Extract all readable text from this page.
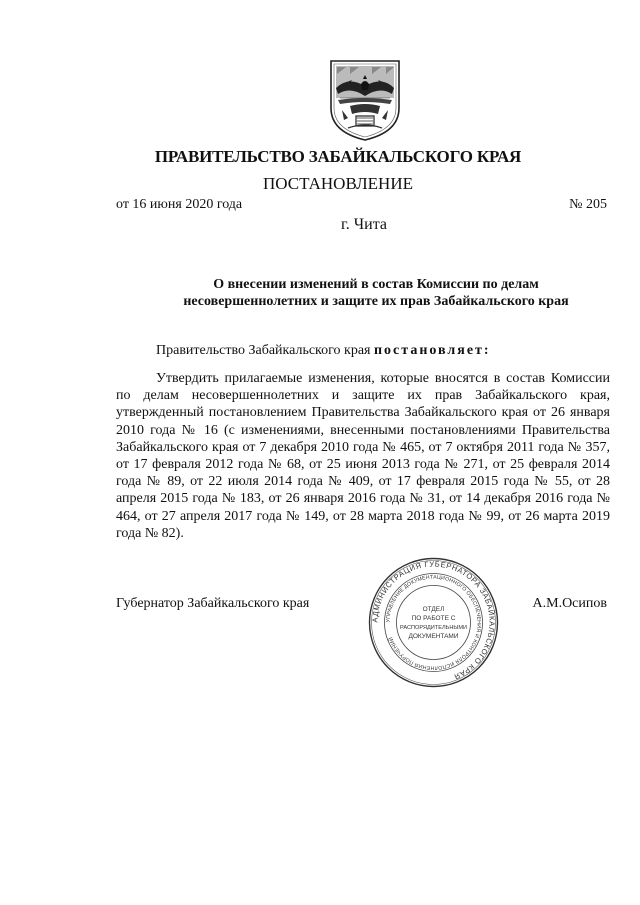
ПРАВИТЕЛЬСТВО ЗАБАЙКАЛЬСКОГО КРАЯ
ПОСТАНОВЛЕНИЕ
от 16 июня 2020 года	№ 205
г. Чита
О внесении изменений в состав Комиссии по делам
несовершеннолетних и защите их прав Забайкальского края
Правительство Забайкальского края постановляет:
Утвердить прилагаемые изменения, которые вносятся в состав Комиссии по делам несовершеннолетних и защите их прав Забайкальского края, утвержденный постановлением Правительства Забайкальского края от 26 января 2010 года № 16 (с изменениями, внесенными постановлениями Правительства Забайкальского края от 7 декабря 2010 года № 465, от 7 октября 2011 года № 357, от 17 февраля 2012 года № 68, от 25 июня 2013 года № 271, от 25 февраля 2014 года № 89, от 22 июля 2014 года № 409, от 17 февраля 2015 года № 55, от 28 апреля 2015 года № 183, от 26 января 2016 года № 31, от 14 декабря 2016 года № 464, от 27 апреля 2017 года № 149, от 28 марта 2018 года № 99, от 26 марта 2019 года № 82).
Губернатор Забайкальского края	А.М.Осипов
АДМИНИСТРАЦИЯ ГУБЕРНАТОРА ЗАБАЙКАЛЬСКОГО КРАЯ
УПРАВЛЕНИЕ ДОКУМЕНТАЦИОННОГО ОБЕСПЕЧЕНИЯ И КОНТРОЛЯ ИСПОЛНЕНИЯ ПОРУЧЕНИЙ
ОТДЕЛ
ПО РАБОТЕ С
РАСПОРЯДИТЕЛЬНЫМИ
ДОКУМЕНТАМИ
